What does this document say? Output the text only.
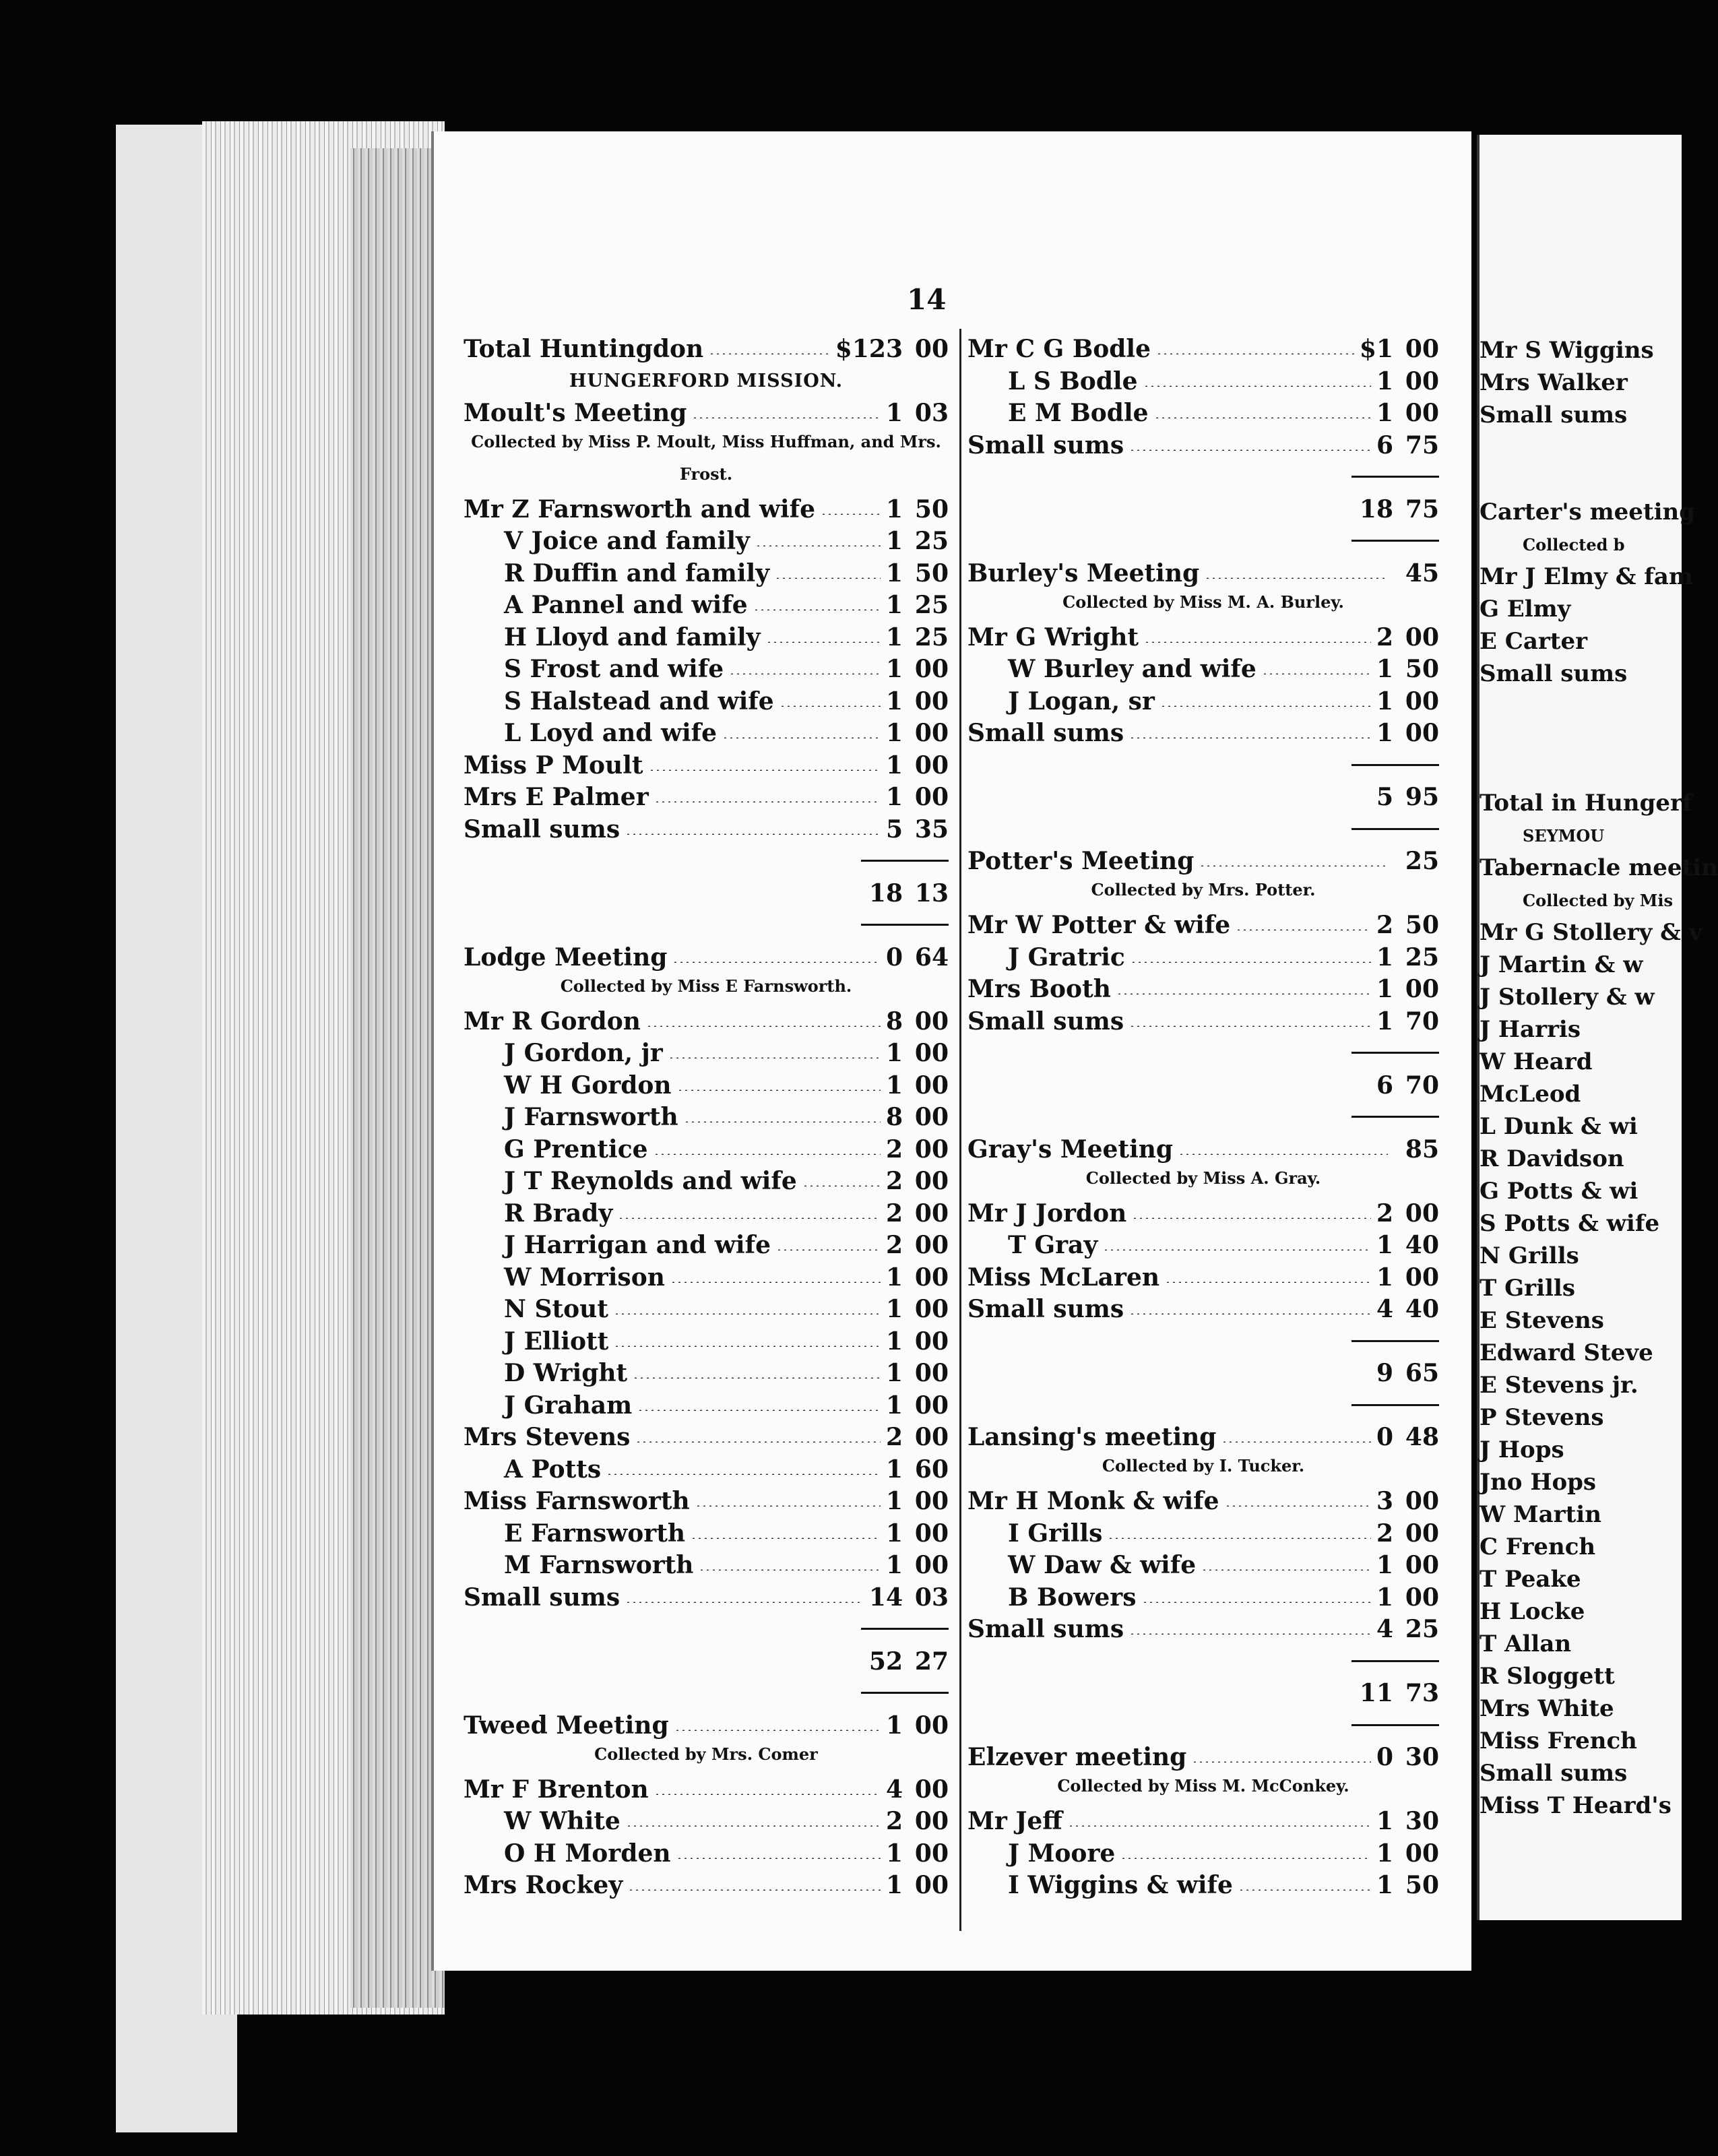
14
Total Huntingdon	$123 00
HUNGERFORD MISSION.
Moult's Meeting	1 03
Collected by Miss P. Moult, Miss Huffman, and Mrs.
Frost.
Mr Z Farnsworth and wife	1 50
V Joice and family	1 25
R Duffin and family	1 50
A Pannel and wife	1 25
H Lloyd and family	1 25
S Frost and wife	1 00
S Halstead and wife	1 00
L Loyd and wife	1 00
Miss P Moult	1 00
Mrs E Palmer	1 00
Small sums	5 35
18 13
Lodge Meeting	0 64
Collected by Miss E Farnsworth.
Mr R Gordon	8 00
J Gordon, jr	1 00
W H Gordon	1 00
J Farnsworth	8 00
G Prentice	2 00
J T Reynolds and wife	2 00
R Brady	2 00
J Harrigan and wife	2 00
W Morrison	1 00
N Stout	1 00
J Elliott	1 00
D Wright	1 00
J Graham	1 00
Mrs Stevens	2 00
A Potts	1 60
Miss Farnsworth	1 00
E Farnsworth	1 00
M Farnsworth	1 00
Small sums	14 03
52 27
Tweed Meeting	1 00
Collected by Mrs. Comer
Mr F Brenton	4 00
W White	2 00
O H Morden	1 00
Mrs Rockey	1 00
Mr C G Bodle	$1 00
L S Bodle	1 00
E M Bodle	1 00
Small sums	6 75
18 75
Burley's Meeting	45
Collected by Miss M. A. Burley.
Mr G Wright	2 00
W Burley and wife	1 50
J Logan, sr	1 00
Small sums	1 00
5 95
Potter's Meeting	25
Collected by Mrs. Potter.
Mr W Potter & wife	2 50
J Gratric	1 25
Mrs Booth	1 00
Small sums	1 70
6 70
Gray's Meeting	85
Collected by Miss A. Gray.
Mr J Jordon	2 00
T Gray	1 40
Miss McLaren	1 00
Small sums	4 40
9 65
Lansing's meeting	0 48
Collected by I. Tucker.
Mr H Monk & wife	3 00
I Grills	2 00
W Daw & wife	1 00
B Bowers	1 00
Small sums	4 25
11 73
Elzever meeting	0 30
Collected by Miss M. McConkey.
Mr Jeff	1 30
J Moore	1 00
I Wiggins & wife	1 50
Mr S Wiggins
Mrs Walker
Small sums
Carter's meeting
Collected b
Mr J Elmy & fam
G Elmy
E Carter
Small sums
Total in Hungerf
SEYMOU
Tabernacle meetin
Collected by Mis
Mr G Stollery & v
J Martin & w
J Stollery & w
J Harris
W Heard
McLeod
L Dunk & wi
R Davidson
G Potts & wi
S Potts & wife
N Grills
T Grills
E Stevens
Edward Steve
E Stevens jr.
P Stevens
J Hops
Jno Hops
W Martin
C French
T Peake
H Locke
T Allan
R Sloggett
Mrs White
Miss French
Small sums
Miss T Heard's
